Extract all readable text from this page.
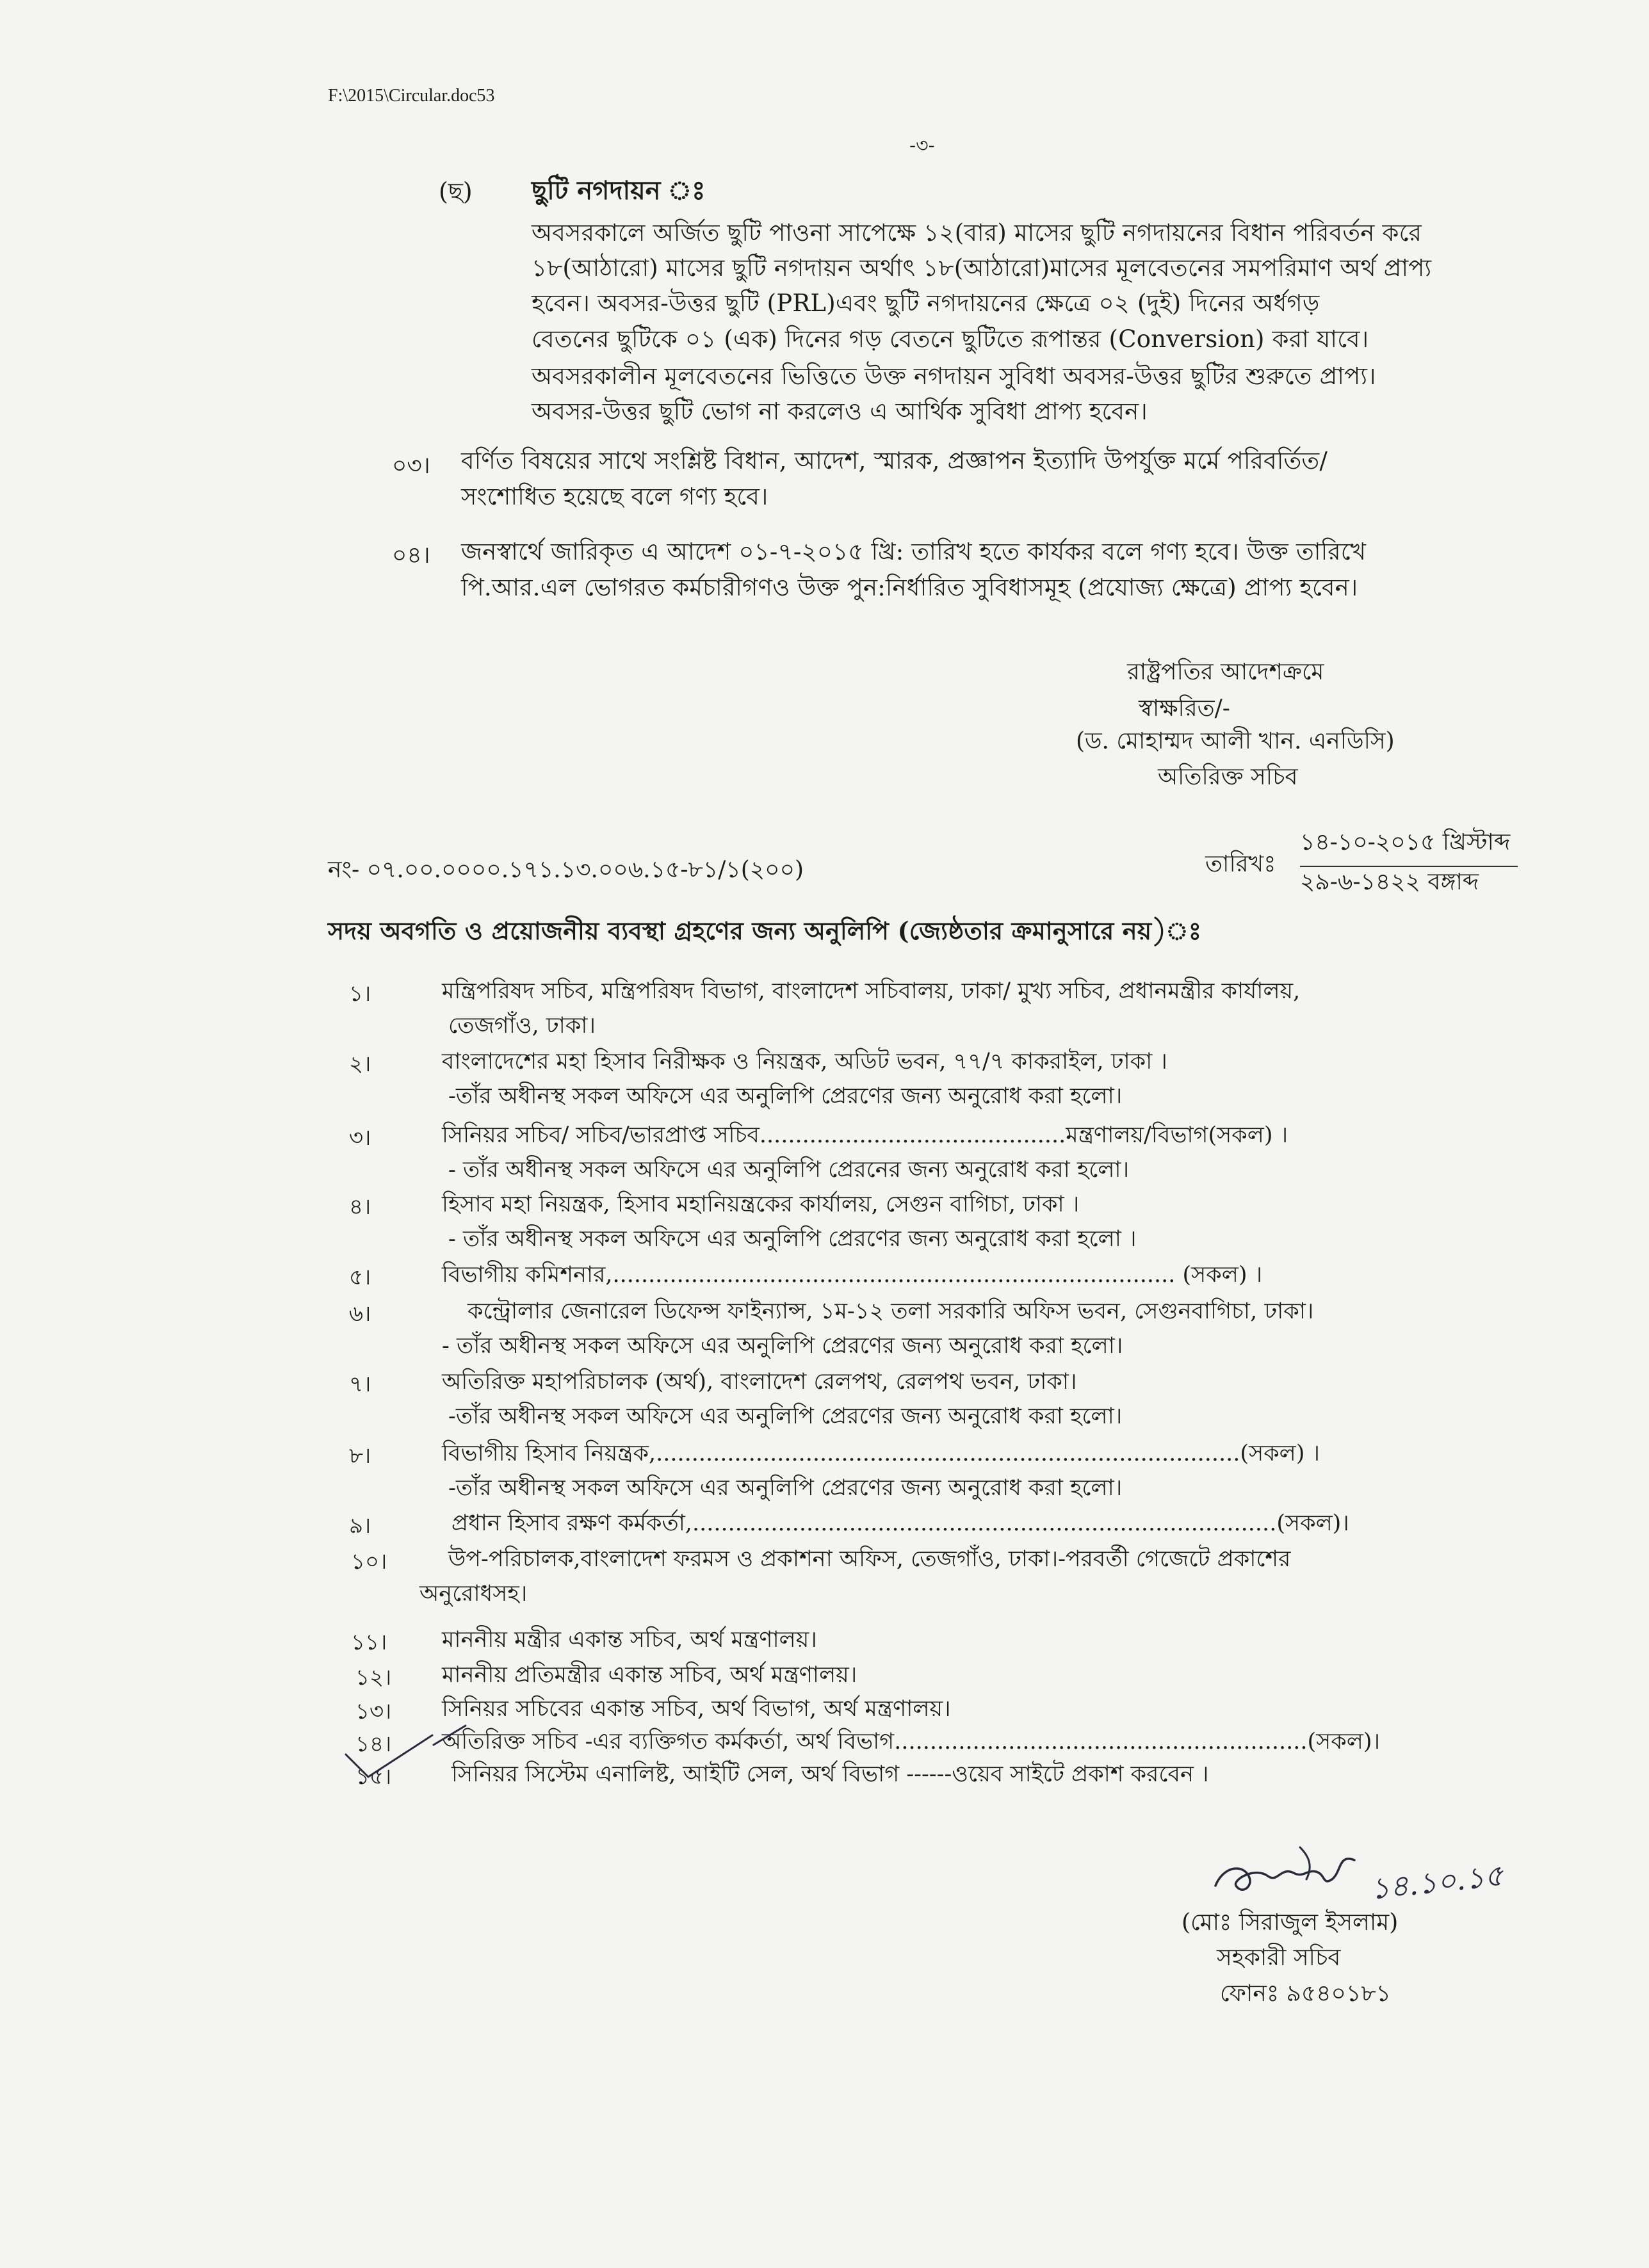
F:\2015\Circular.doc53
-৩-
(ছ) ছুটি নগদায়ন ঃ
অবসরকালে অর্জিত ছুটি পাওনা সাপেক্ষে ১২(বার) মাসের ছুটি নগদায়নের বিধান পরিবর্তন করে
১৮(আঠারো) মাসের ছুটি নগদায়ন অর্থাৎ ১৮(আঠারো)মাসের মূলবেতনের সমপরিমাণ অর্থ প্রাপ্য
হবেন। অবসর-উত্তর ছুটি (PRL)এবং ছুটি নগদায়নের ক্ষেত্রে ০২ (দুই) দিনের অর্ধগড়
বেতনের ছুটিকে ০১ (এক) দিনের গড় বেতনে ছুটিতে রূপান্তর (Conversion) করা যাবে।
অবসরকালীন মূলবেতনের ভিত্তিতে উক্ত নগদায়ন সুবিধা অবসর-উত্তর ছুটির শুরুতে প্রাপ্য।
অবসর-উত্তর ছুটি ভোগ না করলেও এ আর্থিক সুবিধা প্রাপ্য হবেন।
০৩। বর্ণিত বিষয়ের সাথে সংশ্লিষ্ট বিধান, আদেশ, স্মারক, প্রজ্ঞাপন ইত্যাদি উপর্যুক্ত মর্মে পরিবর্তিত/
সংশোধিত হয়েছে বলে গণ্য হবে।
০৪। জনস্বার্থে জারিকৃত এ আদেশ ০১-৭-২০১৫ খ্রি: তারিখ হতে কার্যকর বলে গণ্য হবে। উক্ত তারিখে
পি.আর.এল ভোগরত কর্মচারীগণও উক্ত পুন:নির্ধারিত সুবিধাসমূহ (প্রযোজ্য ক্ষেত্রে) প্রাপ্য হবেন।
রাষ্ট্রপতির আদেশক্রমে
স্বাক্ষরিত/-
(ড. মোহাম্মদ আলী খান. এনডিসি)
অতিরিক্ত সচিব
নং- ০৭.০০.০০০০.১৭১.১৩.০০৬.১৫-৮১/১(২০০)	তারিখঃ
১৪-১০-২০১৫ খ্রিস্টাব্দ
২৯-৬-১৪২২ বঙ্গাব্দ
সদয় অবগতি ও প্রয়োজনীয় ব্যবস্থা গ্রহণের জন্য অনুলিপি (জ্যেষ্ঠতার ক্রমানুসারে নয়)ঃ
১।	মন্ত্রিপরিষদ সচিব, মন্ত্রিপরিষদ বিভাগ, বাংলাদেশ সচিবালয়, ঢাকা/ মুখ্য সচিব, প্রধানমন্ত্রীর কার্যালয়,
তেজগাঁও, ঢাকা।
২।	বাংলাদেশের মহা হিসাব নিরীক্ষক ও নিয়ন্ত্রক, অডিট ভবন, ৭৭/৭ কাকরাইল, ঢাকা ।
-তাঁর অধীনস্থ সকল অফিসে এর অনুলিপি প্রেরণের জন্য অনুরোধ করা হলো।
৩।	সিনিয়র সচিব/ সচিব/ভারপ্রাপ্ত সচিব...........................................মন্ত্রণালয়/বিভাগ(সকল) ।
- তাঁর অধীনস্থ সকল অফিসে এর অনুলিপি প্রেরনের জন্য অনুরোধ করা হলো।
৪।	হিসাব মহা নিয়ন্ত্রক, হিসাব মহানিয়ন্ত্রকের কার্যালয়, সেগুন বাগিচা, ঢাকা ।
- তাঁর অধীনস্থ সকল অফিসে এর অনুলিপি প্রেরণের জন্য অনুরোধ করা হলো ।
৫।	বিভাগীয় কমিশনার,............................................................................... (সকল) ।
৬।	কন্ট্রোলার জেনারেল ডিফেন্স ফাইন্যান্স, ১ম-১২ তলা সরকারি অফিস ভবন, সেগুনবাগিচা, ঢাকা।
- তাঁর অধীনস্থ সকল অফিসে এর অনুলিপি প্রেরণের জন্য অনুরোধ করা হলো।
৭।	অতিরিক্ত মহাপরিচালক (অর্থ), বাংলাদেশ রেলপথ, রেলপথ ভবন, ঢাকা।
-তাঁর অধীনস্থ সকল অফিসে এর অনুলিপি প্রেরণের জন্য অনুরোধ করা হলো।
৮।	বিভাগীয় হিসাব নিয়ন্ত্রক,..................................................................................(সকল) ।
-তাঁর অধীনস্থ সকল অফিসে এর অনুলিপি প্রেরণের জন্য অনুরোধ করা হলো।
৯।	প্রধান হিসাব রক্ষণ কর্মকর্তা,..................................................................................(সকল)।
১০।	উপ-পরিচালক,বাংলাদেশ ফরমস ও প্রকাশনা অফিস, তেজগাঁও, ঢাকা।-পরবর্তী গেজেটে প্রকাশের
অনুরোধসহ।
১১। মাননীয় মন্ত্রীর একান্ত সচিব, অর্থ মন্ত্রণালয়।
১২। মাননীয় প্রতিমন্ত্রীর একান্ত সচিব, অর্থ মন্ত্রণালয়।
১৩। সিনিয়র সচিবের একান্ত সচিব, অর্থ বিভাগ, অর্থ মন্ত্রণালয়।
১৪। অতিরিক্ত সচিব -এর ব্যক্তিগত কর্মকর্তা, অর্থ বিভাগ..........................................................(সকল)।
১৫।	সিনিয়র সিস্টেম এনালিষ্ট, আইটি সেল, অর্থ বিভাগ ------ওয়েব সাইটে প্রকাশ করবেন ।
(মোঃ সিরাজুল ইসলাম)
সহকারী সচিব
ফোনঃ ৯৫৪০১৮১
১৪.১০.১৫
